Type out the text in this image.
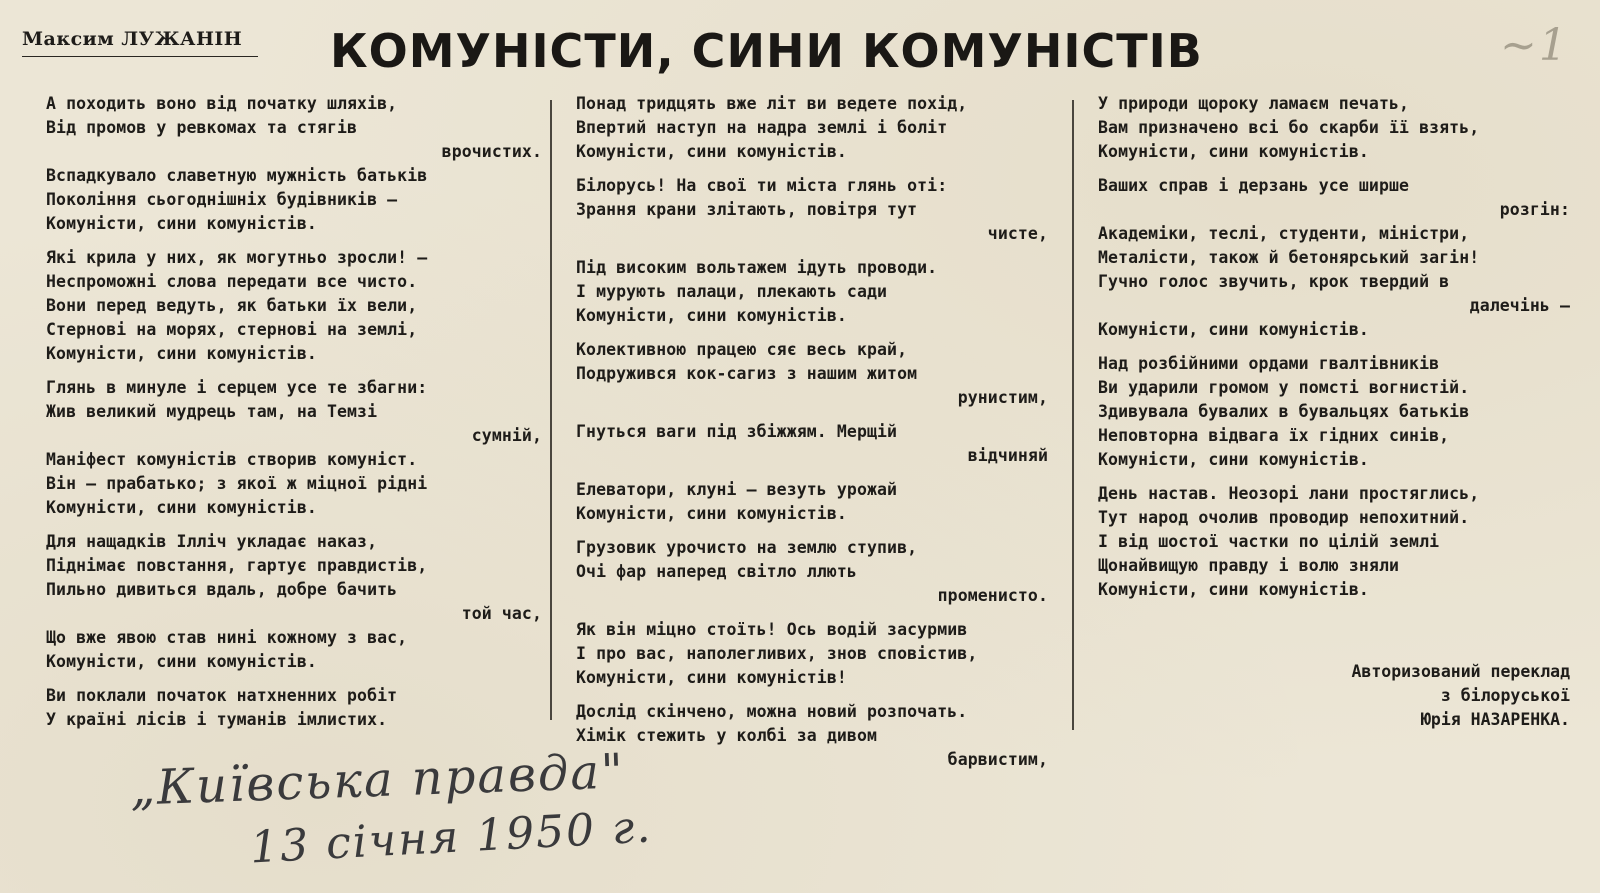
Максим ЛУЖАНІН	КОМУНІСТИ, СИНИ КОМУНІСТІВ	~1
А походить воно від початку шляхів,
Від промов у ревкомах та стягів
врочистих.
Вспадкувало славетную мужність батьків
Покоління сьогоднішніх будівників —
Комуністи, сини комуністів.
Які крила у них, як могутньо зросли! —
Неспроможні слова передати все чисто.
Вони перед ведуть, як батьки їх вели,
Стернові на морях, стернові на землі,
Комуністи, сини комуністів.
Глянь в минуле і серцем усе те збагни:
Жив великий мудрець там, на Темзі
сумній,
Маніфест комуністів створив комуніст.
Він — прабатько; з якої ж міцної рідні
Комуністи, сини комуністів.
Для нащадків Ілліч укладає наказ,
Піднімає повстання, гартує правдистів,
Пильно дивиться вдаль, добре бачить
той час,
Що вже явою став нині кожному з вас,
Комуністи, сини комуністів.
Ви поклали початок натхненних робіт
У країні лісів і туманів імлистих.
Понад тридцять вже літ ви ведете похід,
Впертий наступ на надра землі і боліт
Комуністи, сини комуністів.
Білорусь! На свої ти міста глянь оті:
Зрання крани злітають, повітря тут
чисте,
Під високим вольтажем ідуть проводи.
І мурують палаци, плекають сади
Комуністи, сини комуністів.
Колективною працею сяє весь край,
Подружився кок-сагиз з нашим житом
рунистим,
Гнуться ваги під збіжжям. Мерщій
відчиняй
Елеватори, клуні — везуть урожай
Комуністи, сини комуністів.
Грузовик урочисто на землю ступив,
Очі фар наперед світло ллють
променисто.
Як він міцно стоїть! Ось водій засурмив
І про вас, наполегливих, знов сповістив,
Комуністи, сини комуністів!
Дослід скінчено, можна новий розпочать.
Хімік стежить у колбі за дивом
барвистим,
У природи щороку ламаєм печать,
Вам призначено всі бо скарби її взять,
Комуністи, сини комуністів.
Ваших справ і дерзань усе ширше
розгін:
Академіки, теслі, студенти, міністри,
Металісти, також й бетонярський загін!
Гучно голос звучить, крок твердий в
далечінь —
Комуністи, сини комуністів.
Над розбійними ордами гвалтівників
Ви ударили громом у помсті вогнистій.
Здивувала бувалих в бувальцях батьків
Неповторна відвага їх гідних синів,
Комуністи, сини комуністів.
День настав. Неозорі лани простяглись,
Тут народ очолив проводир непохитний.
І від шостої частки по цілій землі
Щонайвищую правду і волю зняли
Комуністи, сини комуністів.
Авторизований переклад
з білоруської
Юрія НАЗАРЕНКА.
„Київська правда"
13 січня 1950 г.
